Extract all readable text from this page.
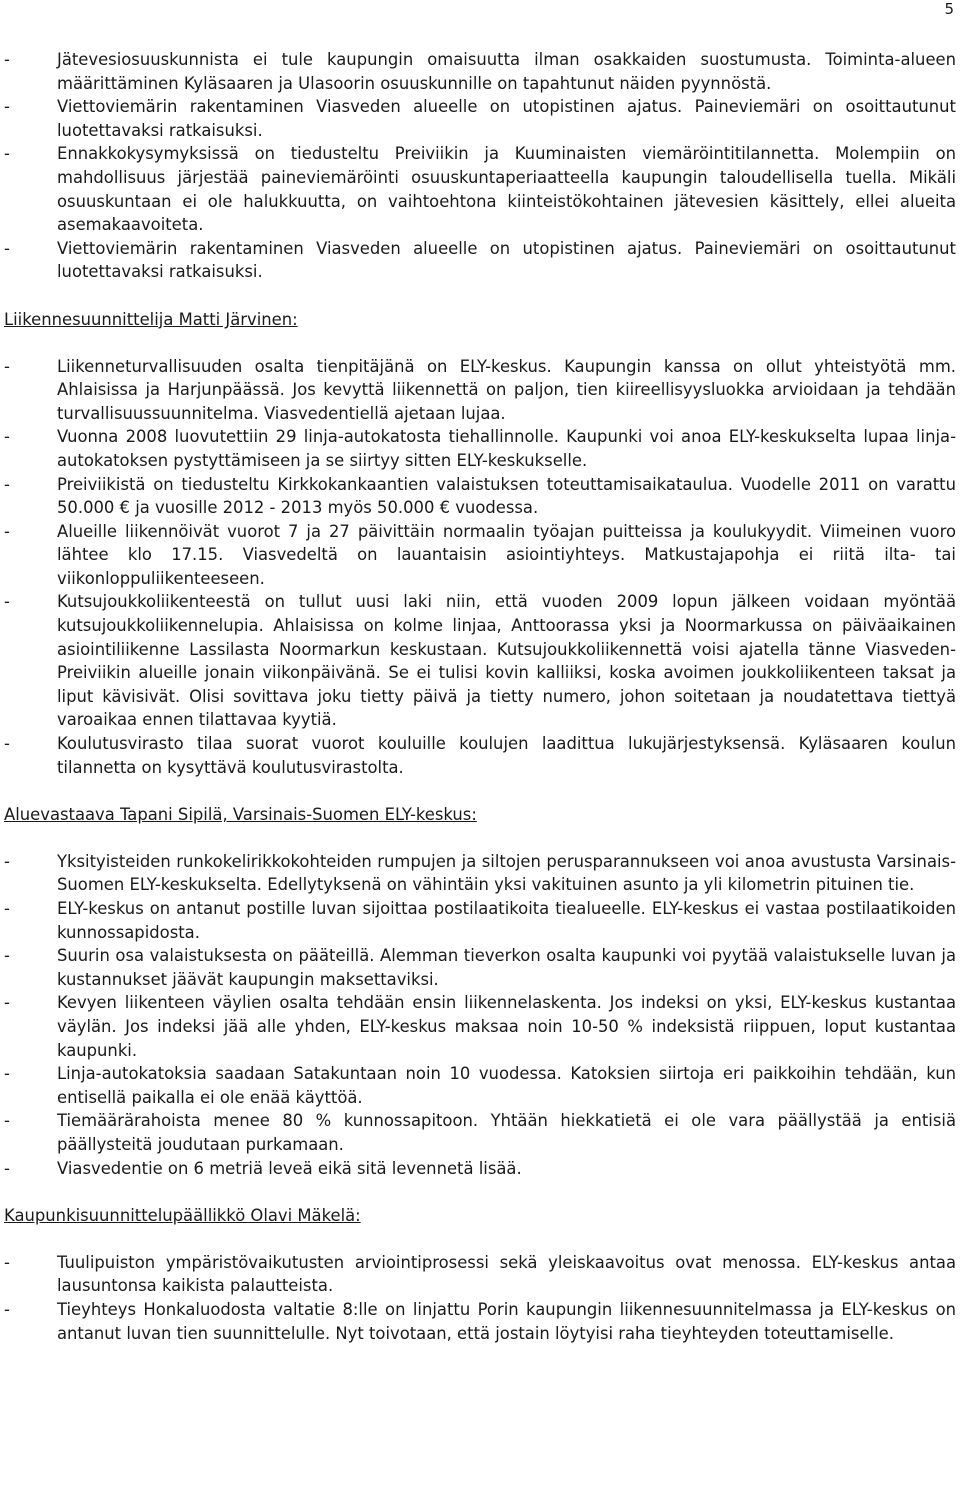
5
- Jätevesiosuuskunnista ei tule kaupungin omaisuutta ilman osakkaiden suostumusta. Toiminta-alueen määrittäminen Kyläsaaren ja Ulasoorin osuuskunnille on tapahtunut näiden pyynnöstä.
- Viettoviemärin rakentaminen Viasveden alueelle on utopistinen ajatus. Paineviemäri on osoittautunut luotettavaksi ratkaisuksi.
- Ennakkokysymyksissä on tiedusteltu Preiviikin ja Kuuminaisten viemäröintitilannetta. Molempiin on mahdollisuus järjestää paineviemäröinti osuuskuntaperiaatteella kaupungin taloudellisella tuella. Mikäli osuuskuntaan ei ole halukkuutta, on vaihtoehtona kiinteistökohtainen jätevesien käsittely, ellei alueita asemakaavoiteta.
- Viettoviemärin rakentaminen Viasveden alueelle on utopistinen ajatus. Paineviemäri on osoittautunut luotettavaksi ratkaisuksi.

Liikennesuunnittelija Matti Järvinen:

- Liikenneturvallisuuden osalta tienpitäjänä on ELY-keskus. Kaupungin kanssa on ollut yhteistyötä mm. Ahlaisissa ja Harjunpäässä. Jos kevyttä liikennettä on paljon, tien kiireellisyysluokka arvioidaan ja tehdään turvallisuussuunnitelma. Viasvedentiellä ajetaan lujaa.
- Vuonna 2008 luovutettiin 29 linja-autokatosta tiehallinnolle. Kaupunki voi anoa ELY-keskukselta lupaa linja-autokatoksen pystyttämiseen ja se siirtyy sitten ELY-keskukselle.
- Preiviikistä on tiedusteltu Kirkkokankaantien valaistuksen toteuttamisaikataulua. Vuodelle 2011 on varattu 50.000 € ja vuosille 2012 - 2013 myös 50.000 € vuodessa.
- Alueille liikennöivät vuorot 7 ja 27 päivittäin normaalin työajan puitteissa ja koulukyydit. Viimeinen vuoro lähtee klo 17.15. Viasvedeltä on lauantaisin asiointiyhteys. Matkustajapohja ei riitä ilta- tai viikonloppuliikenteeseen.
- Kutsujoukkoliikenteestä on tullut uusi laki niin, että vuoden 2009 lopun jälkeen voidaan myöntää kutsujoukkoliikennelupia. Ahlaisissa on kolme linjaa, Anttoorassa yksi ja Noormarkussa on päiväaikainen asiointiliikenne Lassilasta Noormarkun keskustaan. Kutsujoukkoliikennettä voisi ajatella tänne Viasveden- Preiviikin alueille jonain viikonpäivänä. Se ei tulisi kovin kalliiksi, koska avoimen joukkoliikenteen taksat ja liput kävisivät. Olisi sovittava joku tietty päivä ja tietty numero, johon soitetaan ja noudatettava tiettyä varoaikaa ennen tilattavaa kyytiä.
- Koulutusvirasto tilaa suorat vuorot kouluille koulujen laadittua lukujärjestyksensä. Kyläsaaren koulun tilannetta on kysyttävä koulutusvirastolta.

Aluevastaava Tapani Sipilä, Varsinais-Suomen ELY-keskus:

- Yksityisteiden runkokelirikkokohteiden rumpujen ja siltojen perusparannukseen voi anoa avustusta Varsinais-Suomen ELY-keskukselta. Edellytyksenä on vähintäin yksi vakituinen asunto ja yli kilometrin pituinen tie.
- ELY-keskus on antanut postille luvan sijoittaa postilaatikoita tiealueelle. ELY-keskus ei vastaa postilaatikoiden kunnossapidosta.
- Suurin osa valaistuksesta on pääteillä. Alemman tieverkon osalta kaupunki voi pyytää valaistukselle luvan ja kustannukset jäävät kaupungin maksettaviksi.
- Kevyen liikenteen väylien osalta tehdään ensin liikennelaskenta. Jos indeksi on yksi, ELY-keskus kustantaa väylän. Jos indeksi jää alle yhden, ELY-keskus maksaa noin 10-50 % indeksistä riippuen, loput kustantaa kaupunki.
- Linja-autokatoksia saadaan Satakuntaan noin 10 vuodessa. Katoksien siirtoja eri paikkoihin tehdään, kun entisellä paikalla ei ole enää käyttöä.
- Tiemäärärahoista menee 80 % kunnossapitoon. Yhtään hiekkatietä ei ole vara päällystää ja entisiä päällysteitä joudutaan purkamaan.
- Viasvedentie on 6 metriä leveä eikä sitä levennetä lisää.

Kaupunkisuunnittelupäällikkö Olavi Mäkelä:

- Tuulipuiston ympäristövaikutusten arviointiprosessi sekä yleiskaavoitus ovat menossa. ELY-keskus antaa lausuntonsa kaikista palautteista.
- Tieyhteys Honkaluodosta valtatie 8:lle on linjattu Porin kaupungin liikennesuunnitelmassa ja ELY-keskus on antanut luvan tien suunnittelulle. Nyt toivotaan, että jostain löytyisi raha tieyhteyden toteuttamiselle.
